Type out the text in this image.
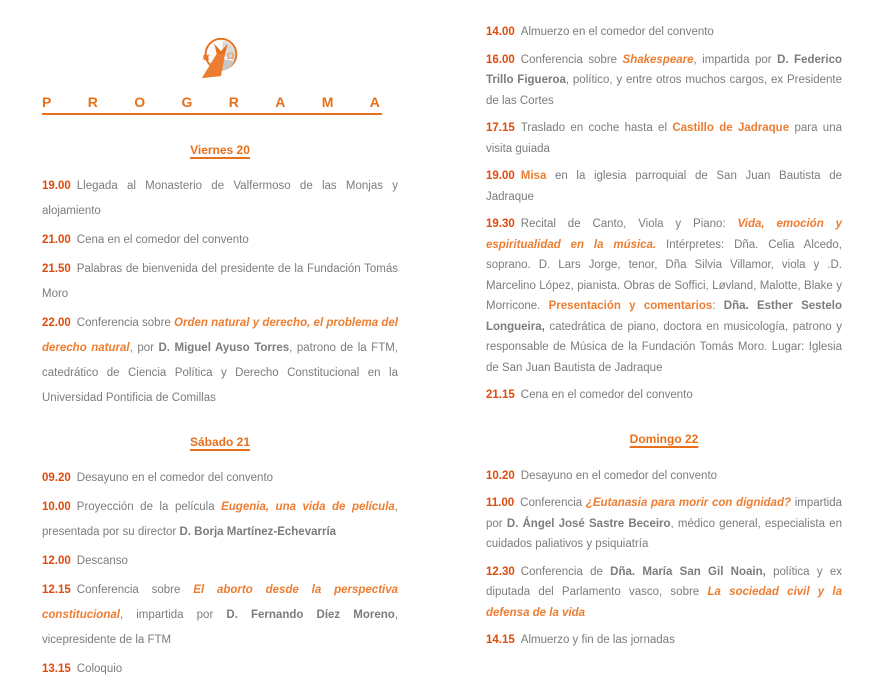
α Ω
P	R	O	G	R	A	M	A
Viernes 20

19.00 Llegada al Monasterio de Valfermoso de las Monjas y alojamiento

21.00 Cena en el comedor del convento

21.50 Palabras de bienvenida del presidente de la Fundación Tomás Moro

22.00 Conferencia sobre Orden natural y derecho, el problema del derecho natural, por D. Miguel Ayuso Torres, patrono de la FTM, catedrático de Ciencia Política y Derecho Constitucional en la Universidad Pontificia de Comillas

Sábado 21

09.20 Desayuno en el comedor del convento

10.00 Proyección de la película Eugenia, una vida de película, presentada por su director D. Borja Martínez-Echevarría

12.00 Descanso

12.15 Conferencia sobre El aborto desde la perspectiva constitucional, impartida por D. Fernando Díez Moreno, vicepresidente de la FTM

13.15 Coloquio

14.00 Almuerzo en el comedor del convento

16.00 Conferencia sobre Shakespeare, impartida por D. Federico Trillo Figueroa, político, y entre otros muchos cargos, ex Presidente de las Cortes

17.15 Traslado en coche hasta el Castillo de Jadraque para una visita guiada

19.00 Misa en la iglesia parroquial de San Juan Bautista de Jadraque

19.30 Recital de Canto, Viola y Piano: Vida, emoción y espiritualidad en la música. Intérpretes: Dña. Celia Alcedo, soprano. D. Lars Jorge, tenor, Dña Silvia Villamor, viola y .D. Marcelino López, pianista. Obras de Soffici, Løvland, Malotte, Blake y Morricone. Presentación y comentarios: Dña. Esther Sestelo Longueira, catedrática de piano, doctora en musicología, patrono y responsable de Música de la Fundación Tomás Moro. Lugar: Iglesia de San Juan Bautista de Jadraque

21.15 Cena en el comedor del convento

Domingo 22

10.20 Desayuno en el comedor del convento

11.00 Conferencia ¿Eutanasia para morir con dignidad? impartida por D. Ángel José Sastre Beceiro, médico general, especialista en cuidados paliativos y psiquiatría

12.30 Conferencia de Dña. María San Gil Noain, política y ex diputada del Parlamento vasco, sobre La sociedad civil y la defensa de la vida

14.15 Almuerzo y fin de las jornadas
